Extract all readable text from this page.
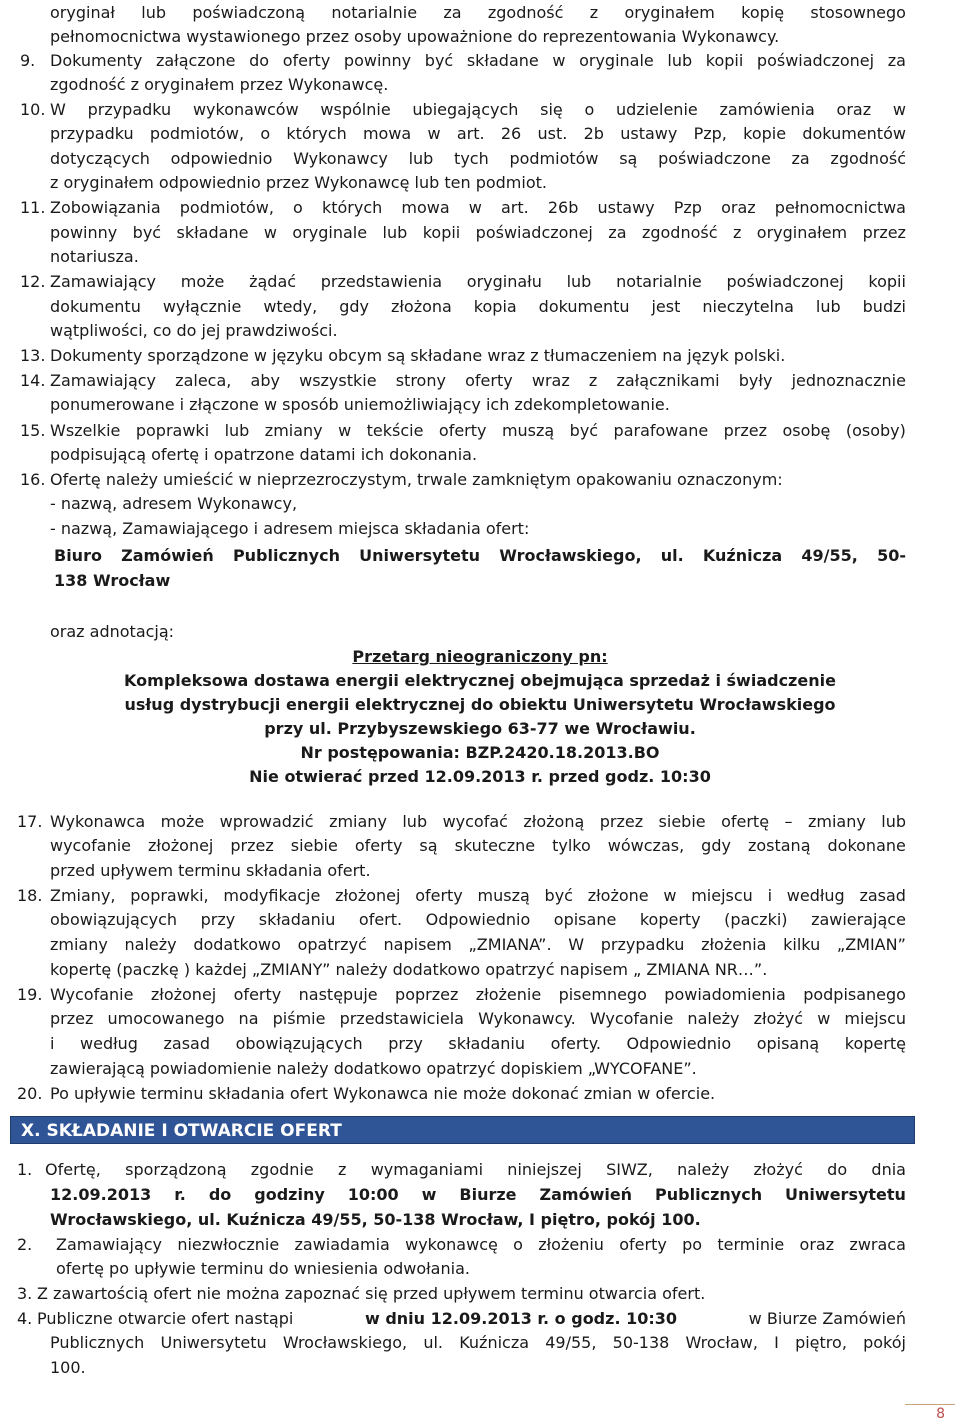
oryginał lub poświadczoną notarialnie za zgodność z oryginałem kopię stosownego
pełnomocnictwa wystawionego przez osoby upoważnione do reprezentowania Wykonawcy.
9. Dokumenty załączone do oferty powinny być składane w oryginale lub kopii poświadczonej za
zgodność z oryginałem przez Wykonawcę.
10. W przypadku wykonawców wspólnie ubiegających się o udzielenie zamówienia oraz w
przypadku podmiotów, o których mowa w art. 26 ust. 2b ustawy Pzp, kopie dokumentów
dotyczących odpowiednio Wykonawcy lub tych podmiotów są poświadczone za zgodność
z oryginałem odpowiednio przez Wykonawcę lub ten podmiot.
11. Zobowiązania podmiotów, o których mowa w art. 26b ustawy Pzp oraz pełnomocnictwa
powinny być składane w oryginale lub kopii poświadczonej za zgodność z oryginałem przez
notariusza.
12. Zamawiający może żądać przedstawienia oryginału lub notarialnie poświadczonej kopii
dokumentu wyłącznie wtedy, gdy złożona kopia dokumentu jest nieczytelna lub budzi
wątpliwości, co do jej prawdziwości.
13. Dokumenty sporządzone w języku obcym są składane wraz z tłumaczeniem na język polski.
14. Zamawiający zaleca, aby wszystkie strony oferty wraz z załącznikami były jednoznacznie
ponumerowane i złączone w sposób uniemożliwiający ich zdekompletowanie.
15. Wszelkie poprawki lub zmiany w tekście oferty muszą być parafowane przez osobę (osoby)
podpisującą ofertę i opatrzone datami ich dokonania.
16. Ofertę należy umieścić w nieprzezroczystym, trwale zamkniętym opakowaniu oznaczonym:
- nazwą, adresem Wykonawcy,
- nazwą, Zamawiającego i adresem miejsca składania ofert:
Biuro Zamówień Publicznych Uniwersytetu Wrocławskiego, ul. Kuźnicza 49/55, 50-
138 Wrocław
oraz adnotacją:
Przetarg nieograniczony pn:
Kompleksowa dostawa energii elektrycznej obejmująca sprzedaż i świadczenie
usług dystrybucji energii elektrycznej do obiektu Uniwersytetu Wrocławskiego
przy ul. Przybyszewskiego 63-77 we Wrocławiu.
Nr postępowania: BZP.2420.18.2013.BO
Nie otwierać przed 12.09.2013 r. przed godz. 10:30
17. Wykonawca może wprowadzić zmiany lub wycofać złożoną przez siebie ofertę – zmiany lub
wycofanie złożonej przez siebie oferty są skuteczne tylko wówczas, gdy zostaną dokonane
przed upływem terminu składania ofert.
18. Zmiany, poprawki, modyfikacje złożonej oferty muszą być złożone w miejscu i według zasad
obowiązujących przy składaniu ofert. Odpowiednio opisane koperty (paczki) zawierające
zmiany należy dodatkowo opatrzyć napisem „ZMIANA”. W przypadku złożenia kilku „ZMIAN”
kopertę (paczkę ) każdej „ZMIANY” należy dodatkowo opatrzyć napisem „ ZMIANA NR…”.
19. Wycofanie złożonej oferty następuje poprzez złożenie pisemnego powiadomienia podpisanego
przez umocowanego na piśmie przedstawiciela Wykonawcy. Wycofanie należy złożyć w miejscu
i według zasad obowiązujących przy składaniu oferty. Odpowiednio opisaną kopertę
zawierającą powiadomienie należy dodatkowo opatrzyć dopiskiem „WYCOFANE”.
20. Po upływie terminu składania ofert Wykonawca nie może dokonać zmian w ofercie.
X. SKŁADANIE I OTWARCIE OFERT
1. Ofertę, sporządzoną zgodnie z wymaganiami niniejszej SIWZ, należy złożyć do dnia
12.09.2013 r. do godziny 10:00 w Biurze Zamówień Publicznych Uniwersytetu
Wrocławskiego, ul. Kuźnicza 49/55, 50-138 Wrocław, I piętro, pokój 100.
2. Zamawiający niezwłocznie zawiadamia wykonawcę o złożeniu oferty po terminie oraz zwraca
ofertę po upływie terminu do wniesienia odwołania.
3. Z zawartością ofert nie można zapoznać się przed upływem terminu otwarcia ofert.
4. Publiczne otwarcie ofert nastąpi	w dniu 12.09.2013 r. o godz. 10:30	w Biurze Zamówień
Publicznych Uniwersytetu Wrocławskiego, ul. Kuźnicza 49/55, 50-138 Wrocław, I piętro, pokój
100.
8
